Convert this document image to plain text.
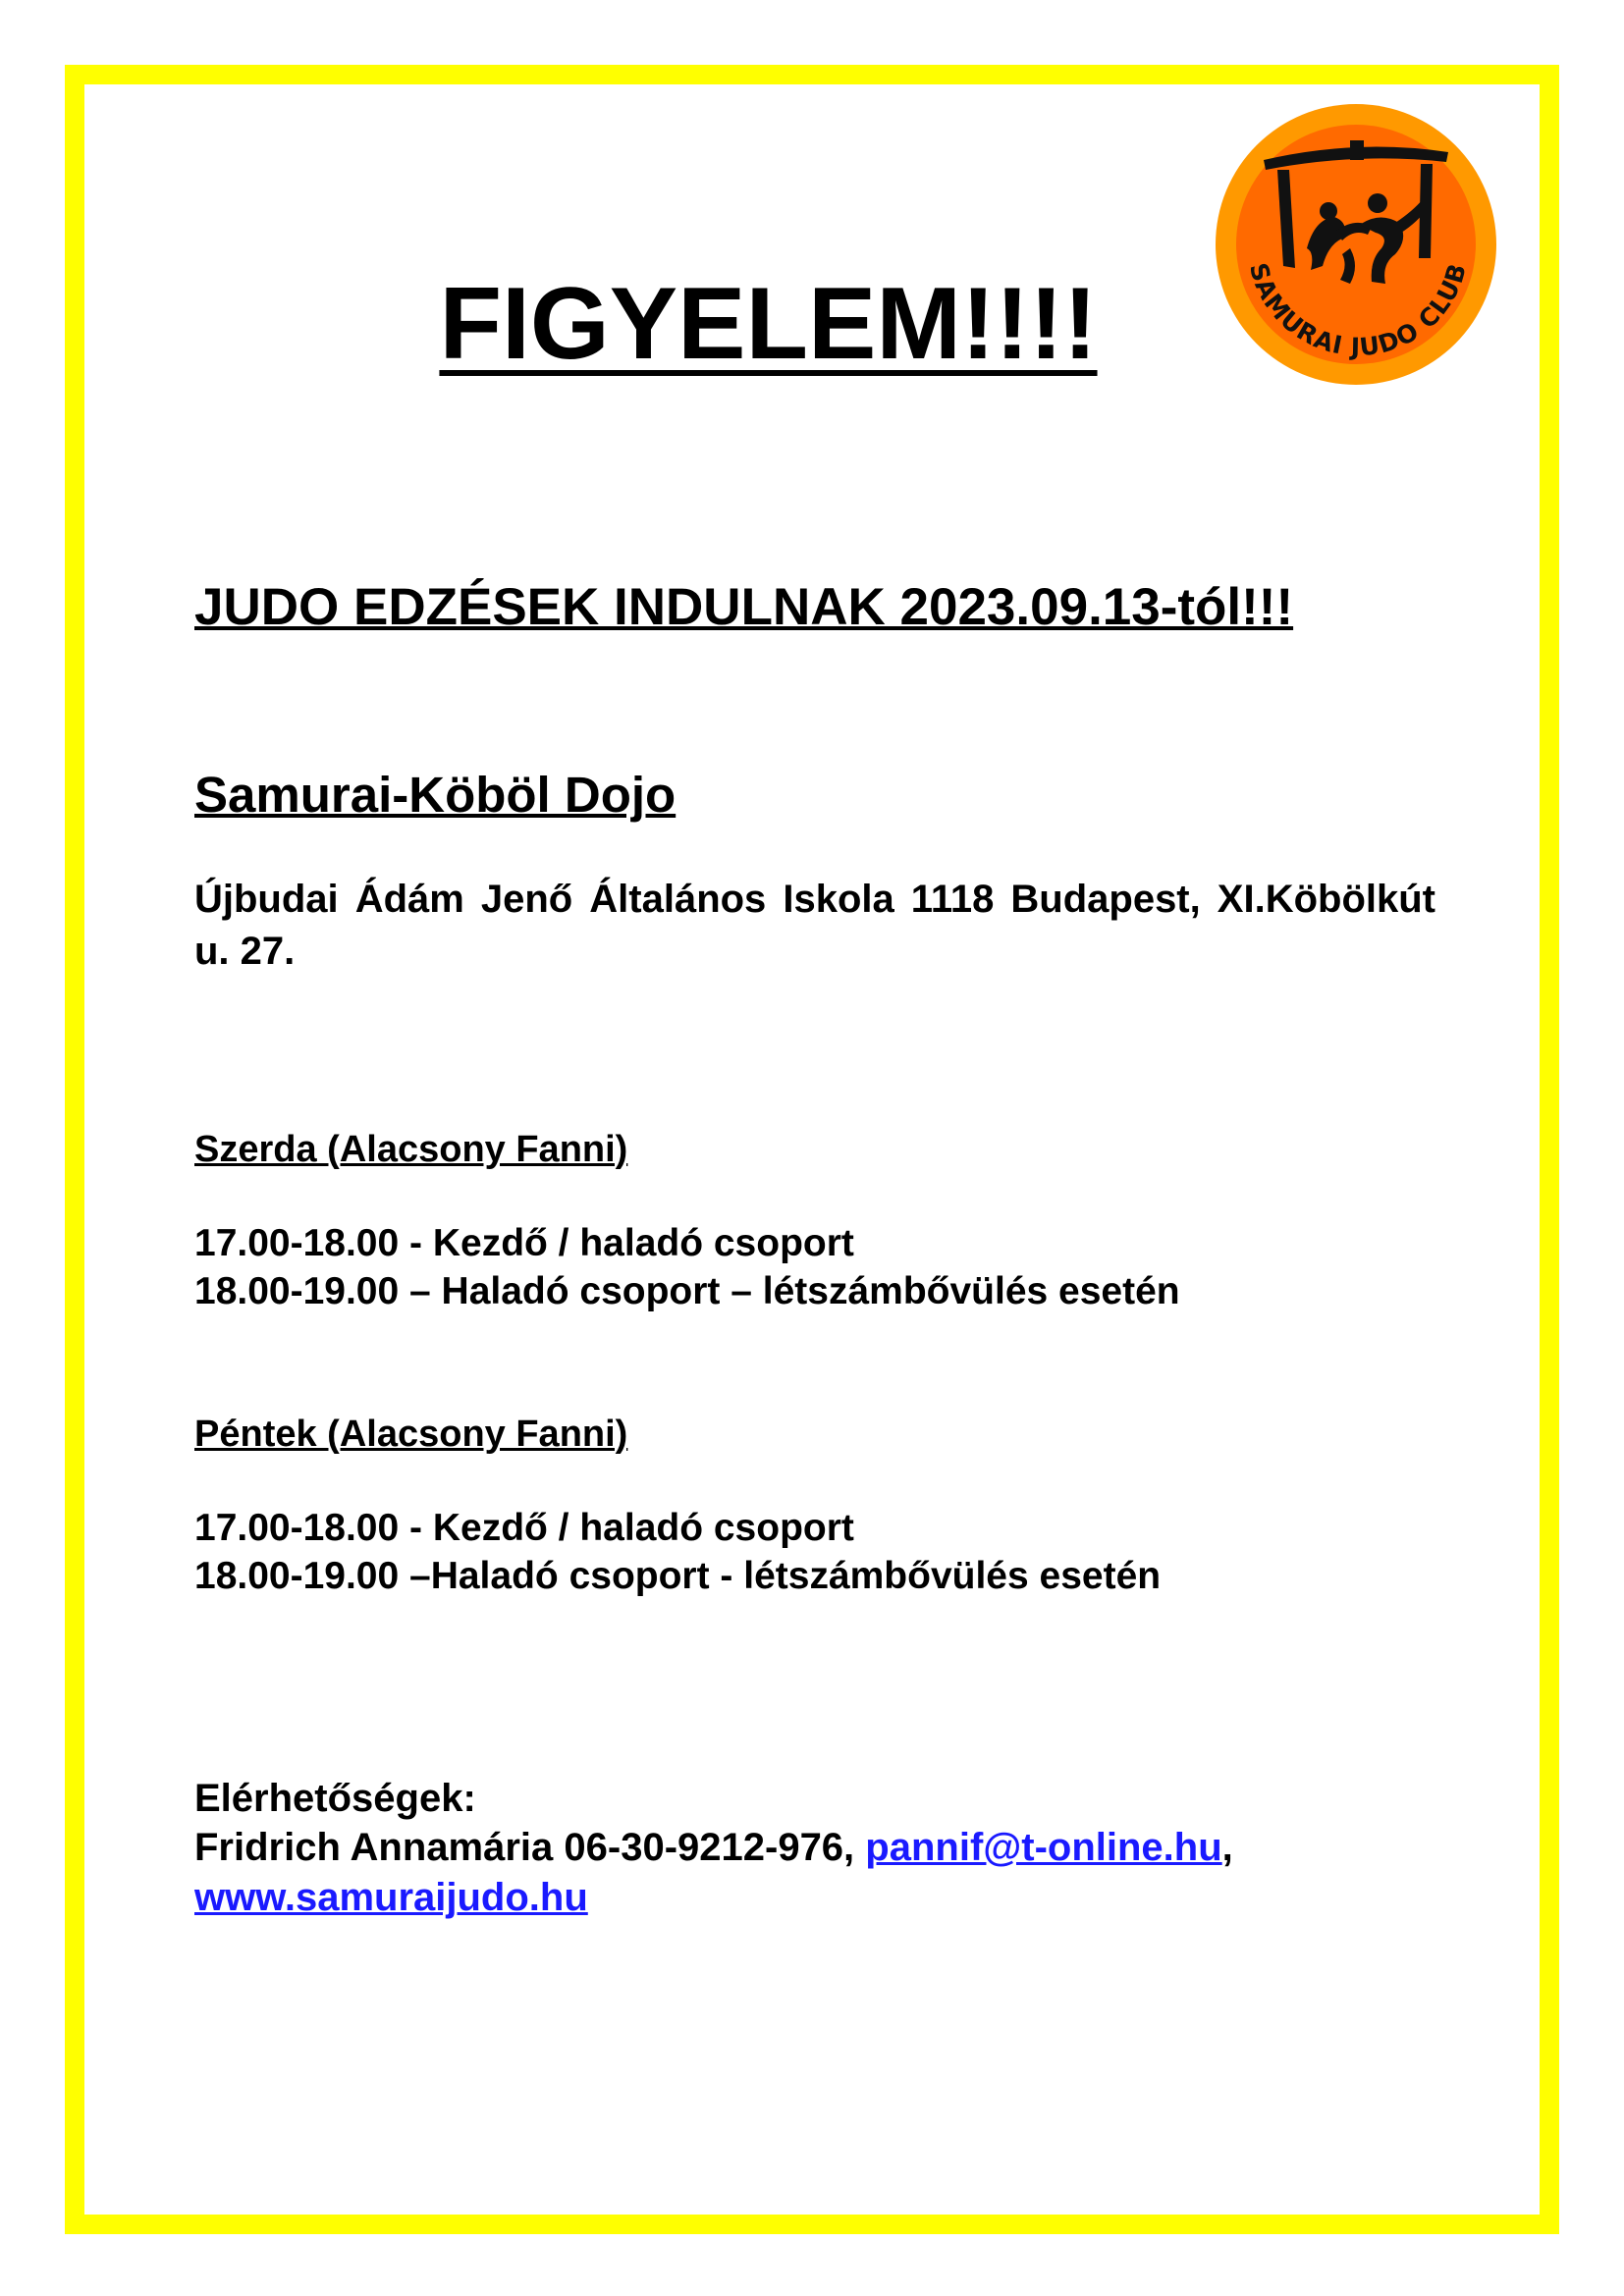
SAMURAI JUDO CLUB
FIGYELEM!!!!
JUDO EDZÉSEK INDULNAK 2023.09.13-tól!!!
Samurai-Köböl Dojo
Újbudai Ádám Jenő Általános Iskola 1118 Budapest, XI.Köbölkút u. 27.
Szerda (Alacsony Fanni)
17.00-18.00 - Kezdő / haladó csoport
18.00-19.00 – Haladó csoport – létszámbővülés esetén
Péntek (Alacsony Fanni)
17.00-18.00 - Kezdő / haladó csoport
18.00-19.00 –Haladó csoport - létszámbővülés esetén
Elérhetőségek:
Fridrich Annamária 06-30-9212-976, pannif@t-online.hu,
www.samuraijudo.hu
